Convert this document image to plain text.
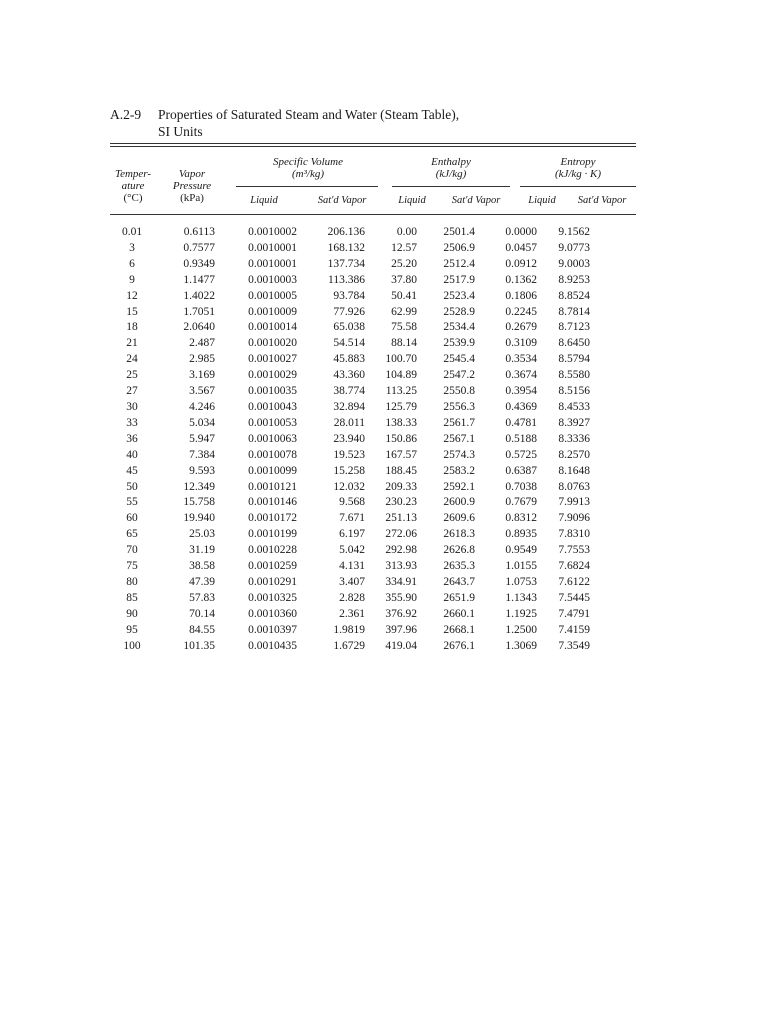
A.2-9	Properties of Saturated Steam and Water (Steam Table),
SI Units
Temper-
ature
(°C)
Vapor
Pressure
(kPa)
Specific Volume
(m³/kg)
Enthalpy
(kJ/kg)
Entropy
(kJ/kg · K)
Liquid	Sat'd Vapor	Liquid	Sat'd Vapor	Liquid	Sat'd Vapor
0.01	0.6113	0.0010002	206.136	0.00	2501.4	0.0000	9.1562
3	0.7577	0.0010001	168.132	12.57	2506.9	0.0457	9.0773
6	0.9349	0.0010001	137.734	25.20	2512.4	0.0912	9.0003
9	1.1477	0.0010003	113.386	37.80	2517.9	0.1362	8.9253
12	1.4022	0.0010005	93.784	50.41	2523.4	0.1806	8.8524
15	1.7051	0.0010009	77.926	62.99	2528.9	0.2245	8.7814
18	2.0640	0.0010014	65.038	75.58	2534.4	0.2679	8.7123
21	2.487	0.0010020	54.514	88.14	2539.9	0.3109	8.6450
24	2.985	0.0010027	45.883	100.70	2545.4	0.3534	8.5794
25	3.169	0.0010029	43.360	104.89	2547.2	0.3674	8.5580
27	3.567	0.0010035	38.774	113.25	2550.8	0.3954	8.5156
30	4.246	0.0010043	32.894	125.79	2556.3	0.4369	8.4533
33	5.034	0.0010053	28.011	138.33	2561.7	0.4781	8.3927
36	5.947	0.0010063	23.940	150.86	2567.1	0.5188	8.3336
40	7.384	0.0010078	19.523	167.57	2574.3	0.5725	8.2570
45	9.593	0.0010099	15.258	188.45	2583.2	0.6387	8.1648
50	12.349	0.0010121	12.032	209.33	2592.1	0.7038	8.0763
55	15.758	0.0010146	9.568	230.23	2600.9	0.7679	7.9913
60	19.940	0.0010172	7.671	251.13	2609.6	0.8312	7.9096
65	25.03	0.0010199	6.197	272.06	2618.3	0.8935	7.8310
70	31.19	0.0010228	5.042	292.98	2626.8	0.9549	7.7553
75	38.58	0.0010259	4.131	313.93	2635.3	1.0155	7.6824
80	47.39	0.0010291	3.407	334.91	2643.7	1.0753	7.6122
85	57.83	0.0010325	2.828	355.90	2651.9	1.1343	7.5445
90	70.14	0.0010360	2.361	376.92	2660.1	1.1925	7.4791
95	84.55	0.0010397	1.9819	397.96	2668.1	1.2500	7.4159
100	101.35	0.0010435	1.6729	419.04	2676.1	1.3069	7.3549
